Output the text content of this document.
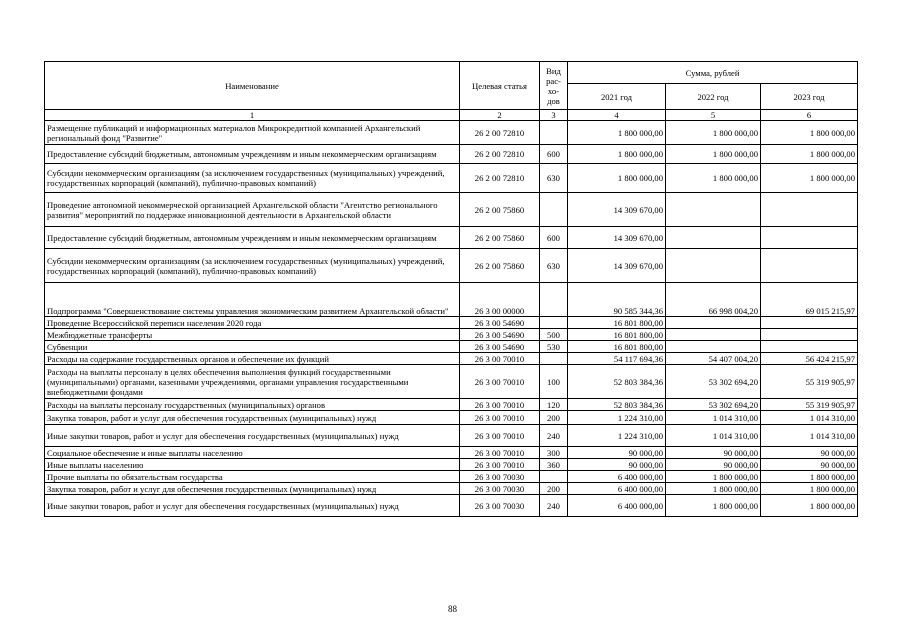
Наименование	Целевая статья	Вид рас-хо-дов	Сумма, рублей		
			2021 год	2022 год	2023 год
1	2	3	4	5	6
Размещение публикаций и информационных материалов Микрокредитной компанией Архангельский региональный фонд "Развитие"	26 2 00 72810		1 800 000,00	1 800 000,00	1 800 000,00
Предоставление субсидий бюджетным, автономным учреждениям и иным некоммерческим организациям	26 2 00 72810	600	1 800 000,00	1 800 000,00	1 800 000,00
Субсидии некоммерческим организациям (за исключением государственных (муниципальных) учреждений, государственных корпораций (компаний), публично-правовых компаний)	26 2 00 72810	630	1 800 000,00	1 800 000,00	1 800 000,00
Проведение автономной некоммерческой организацией Архангельской области "Агентство регионального развития" мероприятий по поддержке инновационной деятельности в Архангельской области	26 2 00 75860		14 309 670,00		
Предоставление субсидий бюджетным, автономным учреждениям и иным некоммерческим организациям	26 2 00 75860	600	14 309 670,00		
Субсидии некоммерческим организациям (за исключением государственных (муниципальных) учреждений, государственных корпораций (компаний), публично-правовых компаний)	26 2 00 75860	630	14 309 670,00		
Подпрограмма "Совершенствование системы управления экономическим развитием Архангельской области"	26 3 00 00000		90 585 344,36	66 998 004,20	69 015 215,97
Проведение Всероссийской переписи населения 2020 года	26 3 00 54690		16 801 800,00		
Межбюджетные трансферты	26 3 00 54690	500	16 801 800,00		
Субвенции	26 3 00 54690	530	16 801 800,00		
Расходы на содержание государственных органов и обеспечение их функций	26 3 00 70010		54 117 694,36	54 407 004,20	56 424 215,97
Расходы на выплаты персоналу в целях обеспечения выполнения функций государственными (муниципальными) органами, казенными учреждениями, органами управления государственными внебюджетными фондами	26 3 00 70010	100	52 803 384,36	53 302 694,20	55 319 905,97
Расходы на выплаты персоналу государственных (муниципальных) органов	26 3 00 70010	120	52 803 384,36	53 302 694,20	55 319 905,97
Закупка товаров, работ и услуг для обеспечения государственных (муниципальных) нужд	26 3 00 70010	200	1 224 310,00	1 014 310,00	1 014 310,00
Иные закупки товаров, работ и услуг для обеспечения государственных (муниципальных) нужд	26 3 00 70010	240	1 224 310,00	1 014 310,00	1 014 310,00
Социальное обеспечение и иные выплаты населению	26 3 00 70010	300	90 000,00	90 000,00	90 000,00
Иные выплаты населению	26 3 00 70010	360	90 000,00	90 000,00	90 000,00
Прочие выплаты по обязательствам государства	26 3 00 70030		6 400 000,00	1 800 000,00	1 800 000,00
Закупка товаров, работ и услуг для обеспечения государственных (муниципальных) нужд	26 3 00 70030	200	6 400 000,00	1 800 000,00	1 800 000,00
Иные закупки товаров, работ и услуг для обеспечения государственных (муниципальных) нужд	26 3 00 70030	240	6 400 000,00	1 800 000,00	1 800 000,00
88
